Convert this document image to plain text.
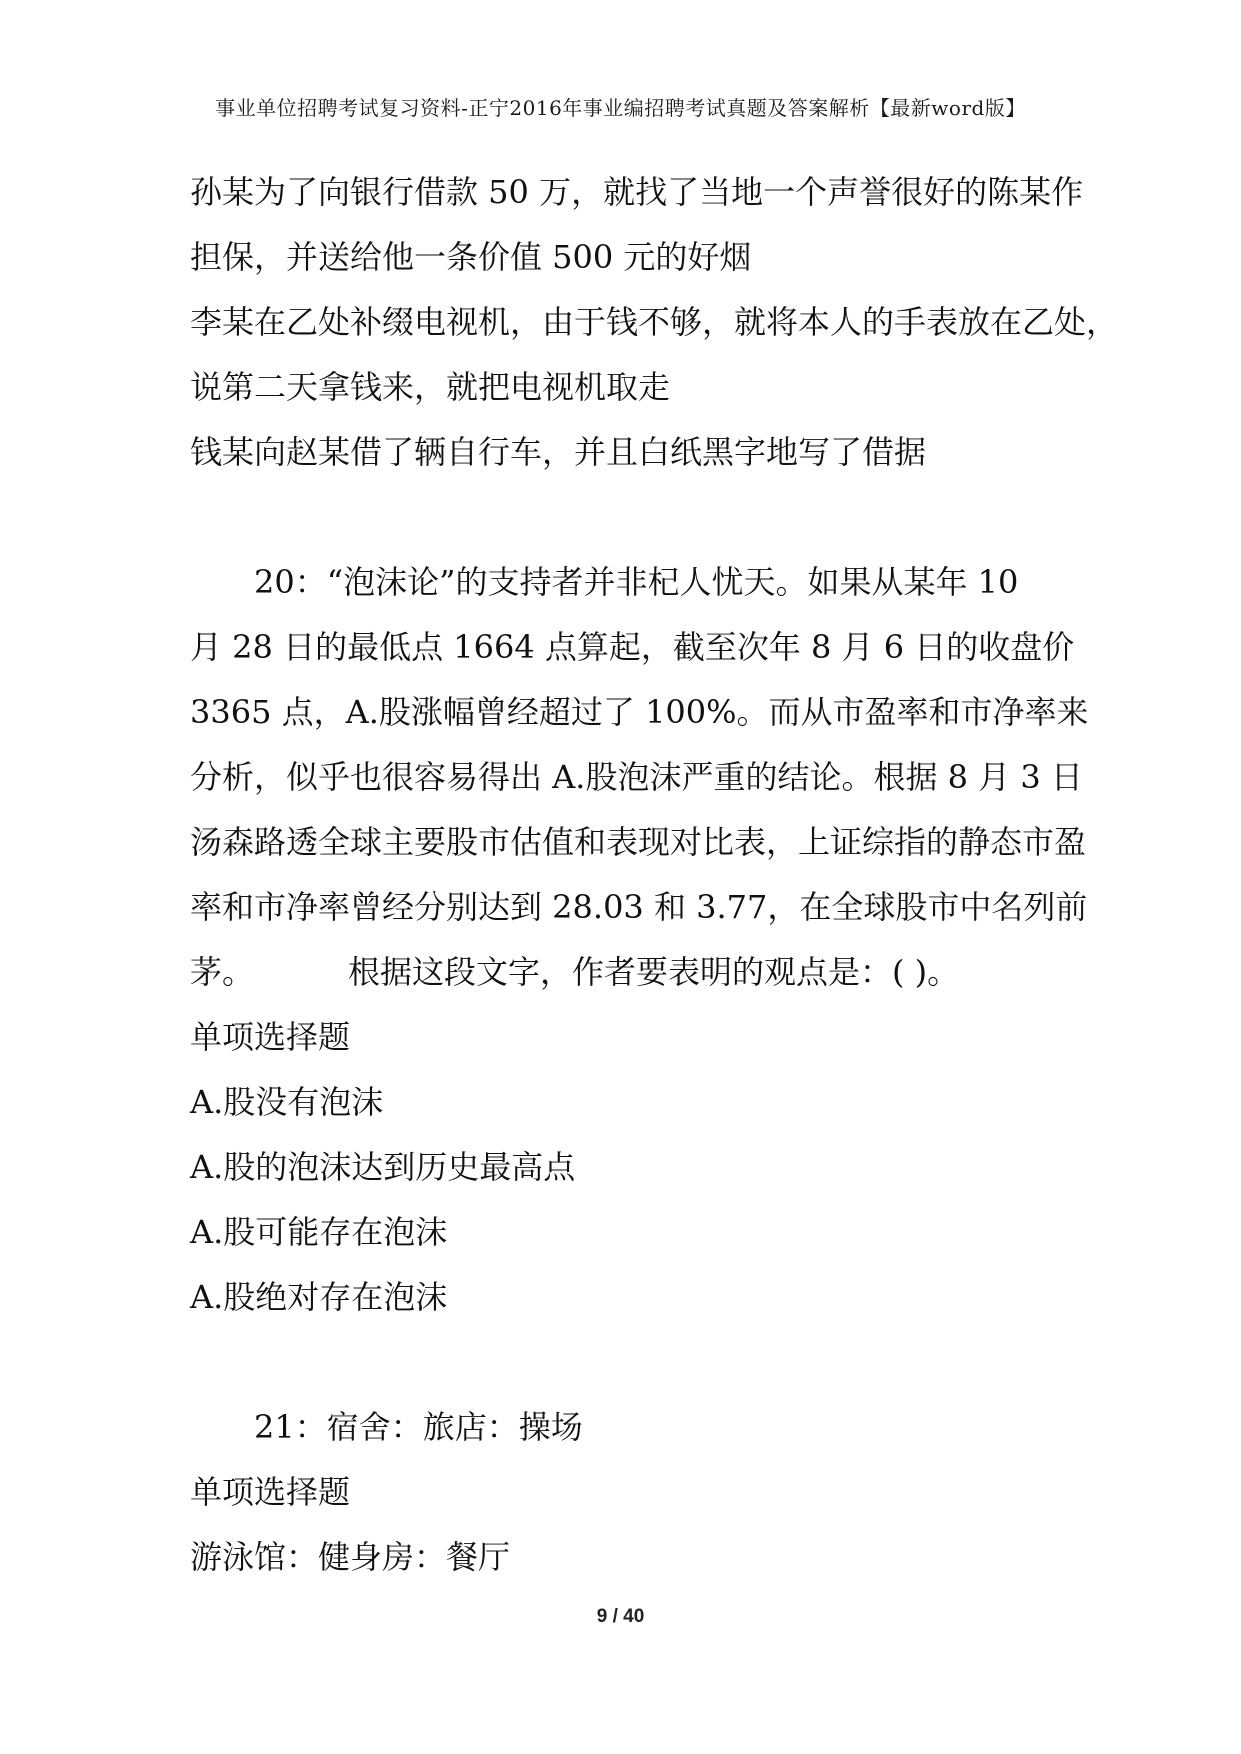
事业单位招聘考试复习资料-正宁2016年事业编招聘考试真题及答案解析【最新word版】
孙某为了向银行借款 50 万，就找了当地一个声誉很好的陈某作
担保，并送给他一条价值 500 元的好烟
李某在乙处补缀电视机，由于钱不够，就将本人的手表放在乙处，
说第二天拿钱来，就把电视机取走
钱某向赵某借了辆自行车，并且白纸黑字地写了借据
20：“泡沫论”的支持者并非杞人忧天。如果从某年 10
月 28 日的最低点 1664 点算起，截至次年 8 月 6 日的收盘价
3365 点，A.股涨幅曾经超过了 100%。而从市盈率和市净率来
分析，似乎也很容易得出 A.股泡沫严重的结论。根据 8 月 3 日
汤森路透全球主要股市估值和表现对比表，上证综指的静态市盈
率和市净率曾经分别达到 28.03 和 3.77，在全球股市中名列前
茅。	根据这段文字，作者要表明的观点是：( )。
单项选择题
A.股没有泡沫
A.股的泡沫达到历史最高点
A.股可能存在泡沫
A.股绝对存在泡沫
21：宿舍：旅店：操场
单项选择题
游泳馆：健身房：餐厅
9 / 40
